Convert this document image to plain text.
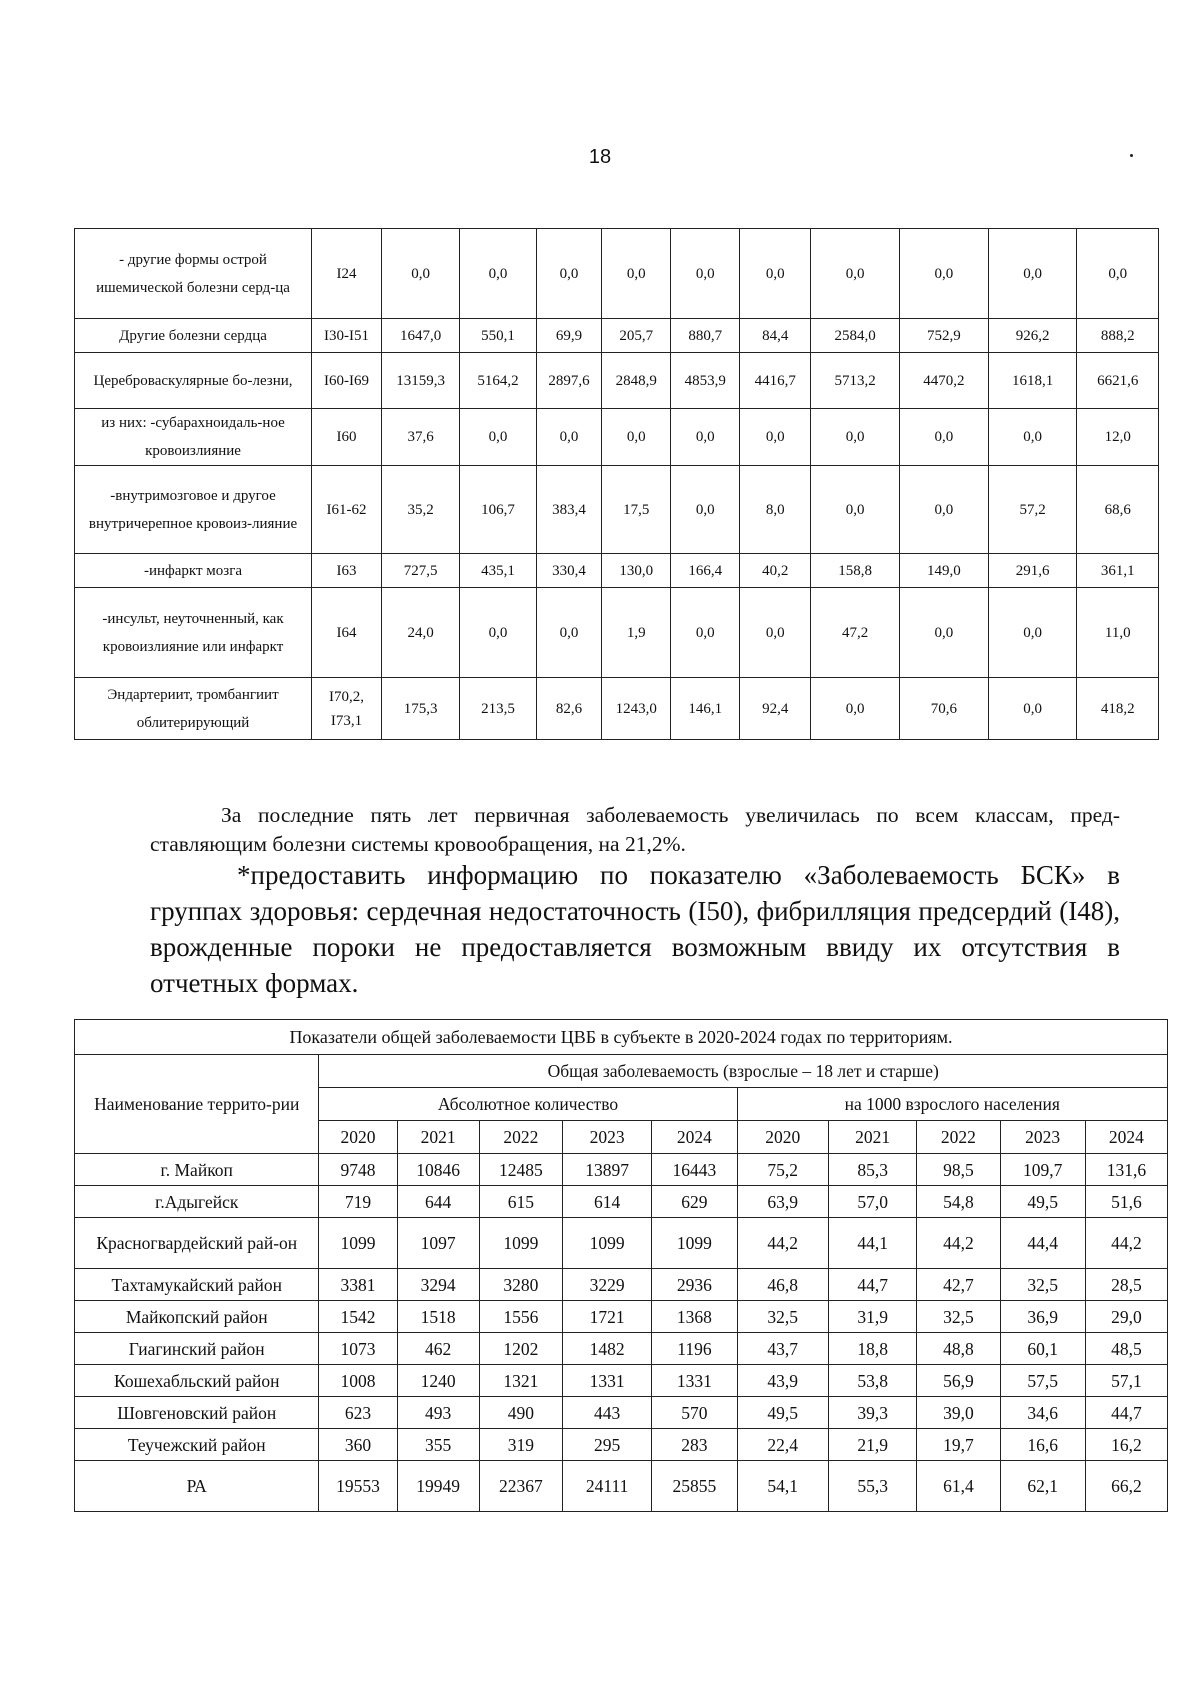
18
- другие формы острой ишемической болезни серд-ца	I24	0,0	0,0	0,0	0,0	0,0	0,0	0,0	0,0	0,0	0,0
Другие болезни сердца	I30-I51	1647,0	550,1	69,9	205,7	880,7	84,4	2584,0	752,9	926,2	888,2
Цереброваскулярные бо-лезни,	I60-I69	13159,3	5164,2	2897,6	2848,9	4853,9	4416,7	5713,2	4470,2	1618,1	6621,6
из них: -субарахноидаль-ное кровоизлияние	I60	37,6	0,0	0,0	0,0	0,0	0,0	0,0	0,0	0,0	12,0
-внутримозговое и другое внутричерепное кровоиз-лияние	I61-62	35,2	106,7	383,4	17,5	0,0	8,0	0,0	0,0	57,2	68,6
-инфаркт мозга	I63	727,5	435,1	330,4	130,0	166,4	40,2	158,8	149,0	291,6	361,1
-инсульт, неуточненный, как кровоизлияние или инфаркт	I64	24,0	0,0	0,0	1,9	0,0	0,0	47,2	0,0	0,0	11,0
Эндартериит, тромбангиит облитерирующий	I70,2, I73,1	175,3	213,5	82,6	1243,0	146,1	92,4	0,0	70,6	0,0	418,2

За последние пять лет первичная заболеваемость увеличилась по всем классам, пред-ставляющим болезни системы кровообращения, на 21,2%.

*предоставить информацию по показателю «Заболеваемость БСК» в группах здоровья: сердечная недостаточность (I50), фибрилляция предсердий (I48), врожденные пороки не предоставляется возможным ввиду их отсутствия в отчетных формах.

Показатели общей заболеваемости ЦВБ в субъекте в 2020-2024 годах по территориям.										
Наименование террито-рии	Общая заболеваемость (взрослые – 18 лет и старше)									
	Абсолютное количество					на 1000 взрослого населения				
	2020	2021	2022	2023	2024	2020	2021	2022	2023	2024
г. Майкоп	9748	10846	12485	13897	16443	75,2	85,3	98,5	109,7	131,6
г.Адыгейск	719	644	615	614	629	63,9	57,0	54,8	49,5	51,6
Красногвардейский рай-он	1099	1097	1099	1099	1099	44,2	44,1	44,2	44,4	44,2
Тахтамукайский район	3381	3294	3280	3229	2936	46,8	44,7	42,7	32,5	28,5
Майкопский район	1542	1518	1556	1721	1368	32,5	31,9	32,5	36,9	29,0
Гиагинский район	1073	462	1202	1482	1196	43,7	18,8	48,8	60,1	48,5
Кошехабльский район	1008	1240	1321	1331	1331	43,9	53,8	56,9	57,5	57,1
Шовгеновский район	623	493	490	443	570	49,5	39,3	39,0	34,6	44,7
Теучежский район	360	355	319	295	283	22,4	21,9	19,7	16,6	16,2
РА	19553	19949	22367	24111	25855	54,1	55,3	61,4	62,1	66,2
